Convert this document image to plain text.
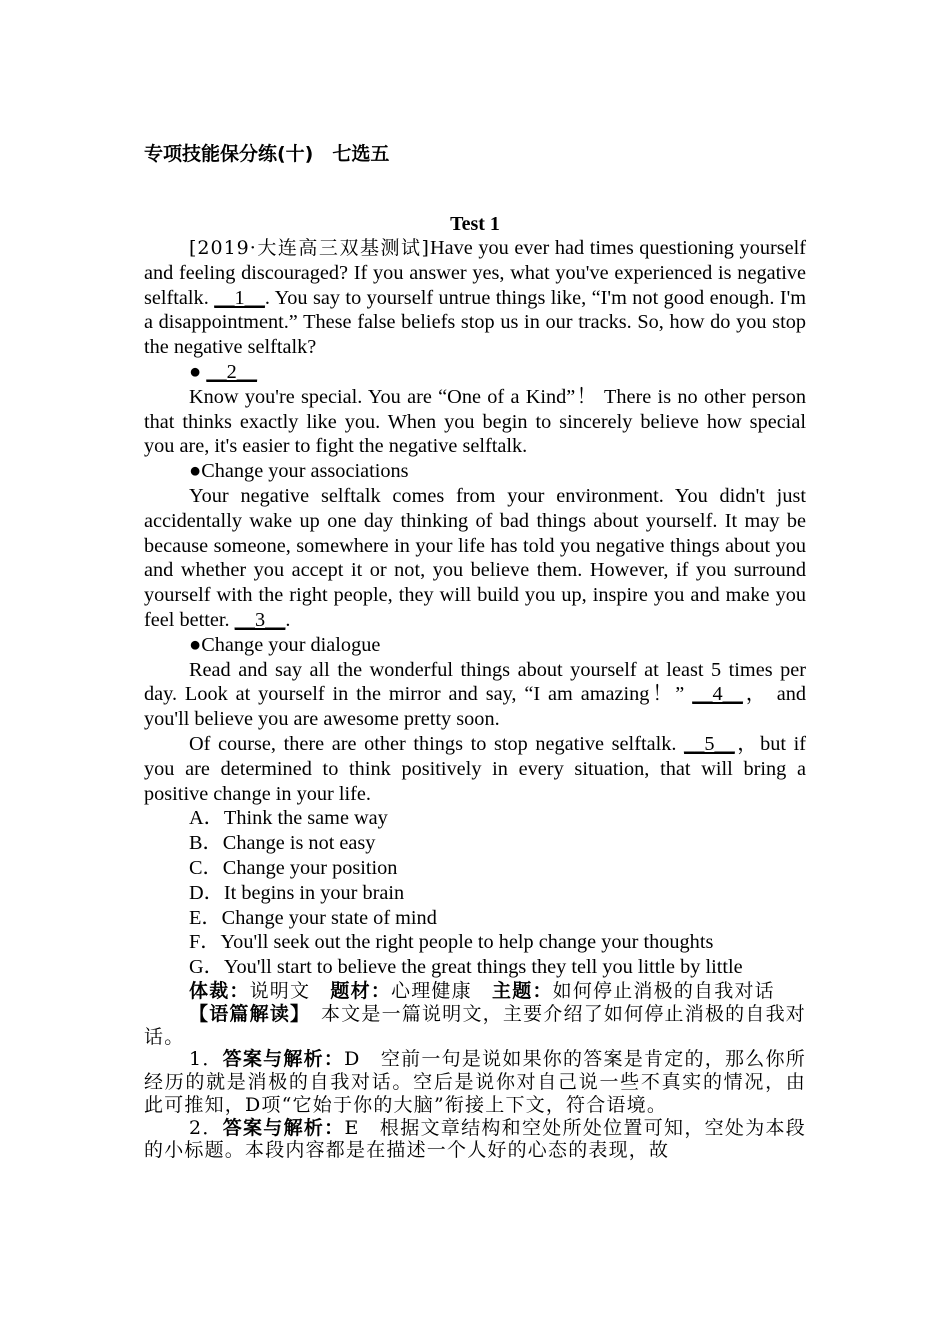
专项技能保分练(十)　七选五
Test 1

[2019·大连高三双基测试]Have you ever had times questioning yourself and feeling discouraged? If you answer yes, what you've experienced is negative selftalk. __1__. You say to yourself untrue things like, “I'm not good enough. I'm a disappointment.” These false beliefs stop us in our tracks. So, how do you stop the negative selftalk?

● __2__

Know you're special. You are “One of a Kind”！ There is no other person that thinks exactly like you. When you begin to sincerely believe how special you are, it's easier to fight the negative selftalk.

●Change your associations

Your negative selftalk comes from your environment. You didn't just accidentally wake up one day thinking of bad things about yourself. It may be because someone, somewhere in your life has told you negative things about you and whether you accept it or not, you believe them. However, if you surround yourself with the right people, they will build you up, inspire you and make you feel better. __3__.

●Change your dialogue

Read and say all the wonderful things about yourself at least 5 times per day. Look at yourself in the mirror and say, “I am amazing！” __4__， and you'll believe you are awesome pretty soon.

Of course, there are other things to stop negative selftalk. __5__，but if you are determined to think positively in every situation, that will bring a positive change in your life.

A．Think the same way
B．Change is not easy
C．Change your position
D．It begins in your brain
E．Change your state of mind
F．You'll seek out the right people to help change your thoughts
G．You'll start to believe the great things they tell you little by little

体裁：说明文　题材：心理健康　主题：如何停止消极的自我对话

【语篇解读】　本文是一篇说明文，主要介绍了如何停止消极的自我对话。

1．答案与解析：D　空前一句是说如果你的答案是肯定的，那么你所经历的就是消极的自我对话。空后是说你对自己说一些不真实的情况，由此可推知，D项“它始于你的大脑”衔接上下文，符合语境。

2．答案与解析：E　根据文章结构和空处所处位置可知，空处为本段的小标题。本段内容都是在描述一个人好的心态的表现，故
